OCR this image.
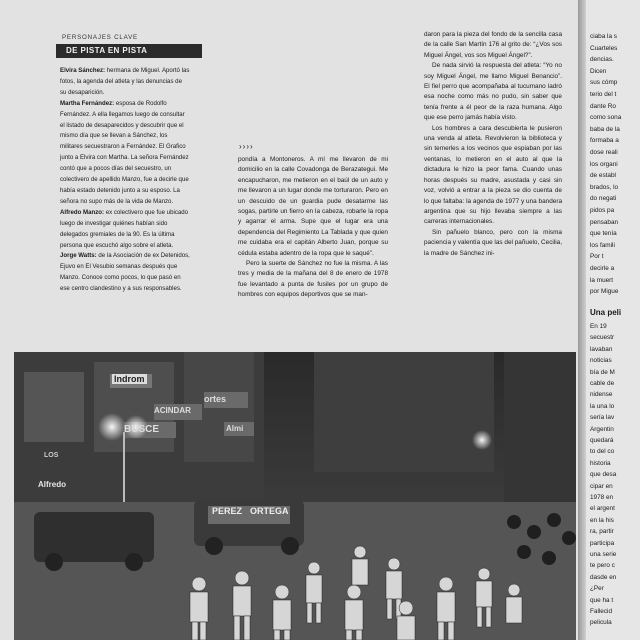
PERSONAJES CLAVE
DE PISTA EN PISTA

Elvira Sánchez: hermana de Miguel. Aportó las fotos, la agenda del atleta y las denuncias de su desaparición.

Martha Fernández: esposa de Rodolfo Fernández. A ella llegamos luego de consultar el listado de desaparecidos y descubrir que el mismo día que se llevan a Sánchez, los militares secuestraron a Fernández. El Grafico junto a Elvira con Martha. La señora Fernández contó que a pocos días del secuestro, un colectivero de apellido Manzo, fue a decirle que había estado detenido junto a su esposo. La señora no supo más de la vida de Manzo.

Alfredo Manzo: ex colectivero que fue ubicado luego de investigar quiénes habían sido delegados gremiales de la 90. Es la última persona que escuchó algo sobre el atleta.

Jorge Watts: de la Asociación de ex Detenidos, Ejuvo en El Vesubio semanas después que Manzo. Conoce como pocos, lo que pasó en ese centro clandestino y a sus responsables.

››››

pondía a Montoneros. A mí me llevaron de mi domicilio en la calle Covadonga de Berazategui. Me encapucharon, me metieron en el baúl de un auto y me llevaron a un lugar donde me torturaron. Pero en un descuido de un guardia pude desatarme las sogas, partirle un fierro en la cabeza, robarle la ropa y agarrar el arma. Supe que el lugar era una dependencia del Regimiento La Tablada y que quien me cuidaba era el capitán Alberto Juan, porque su cédula estaba adentro de la ropa que le saqué”.

Pero la suerte de Sánchez no fue la misma. A las tres y media de la mañana del 8 de enero de 1978 fue levantado a punta de fusiles por un grupo de hombres con equipos deportivos que se man-

daron para la pieza del fondo de la sencilla casa de la calle San Martín 176 al grito de: “¿Vos sos Miguel Ángel, vos sos Miguel Ángel?”.

De nada sirvió la respuesta del atleta: “Yo no soy Miguel Ángel, me llamo Miguel Benancio”. El fiel perro que acompañaba al tucumano ladró esa noche como más no pudo, sin saber que tenía frente a él peor de la raza humana. Algo que ese perro jamás había visto.

Los hombres a cara descubierta le pusieron una venda al atleta. Revolvieron la biblioteca y sin temerles a los vecinos que espiaban por las ventanas, lo metieron en el auto al que la dictadura le hizo la peor fama. Cuando unas horas después su madre, asustada y casi sin voz, volvió a entrar a la pieza se dio cuenta de lo que faltaba: la agenda de 1977 y una bandera argentina que su hijo llevaba siempre a las carreras internacionales.

Sin pañuelo blanco, pero con la misma paciencia y valentía que las del pañuelo, Cecilia, la madre de Sánchez ini-

lndrom
ACINDAR
BUSCE
ortes
Almi
Alfredo
PEREZ ORTEGA
LOS
ciaba la s
Cuarteles
dencias.
Dicen
sus cómp
terio del t
dante Ro
como sona
baba de la
formaba a
dose reali
los organi
de establ
brados, lo
do negati
pidos pa
pensaban
que tenía
los famili
Por t
decirle a
la muert
por Migue
Una peli
En 19
secuestr
lavaban
noticias
bía de M
cable de
nidense
la una lo
sería lav
Argentin
quedará
to del co
historia
que desa
cipar en
1978 en
el argent
en la his
ra, partir
participa
una serie
te pero c
dasde en
¿Per
que ha t
Fallecid
pelicula
